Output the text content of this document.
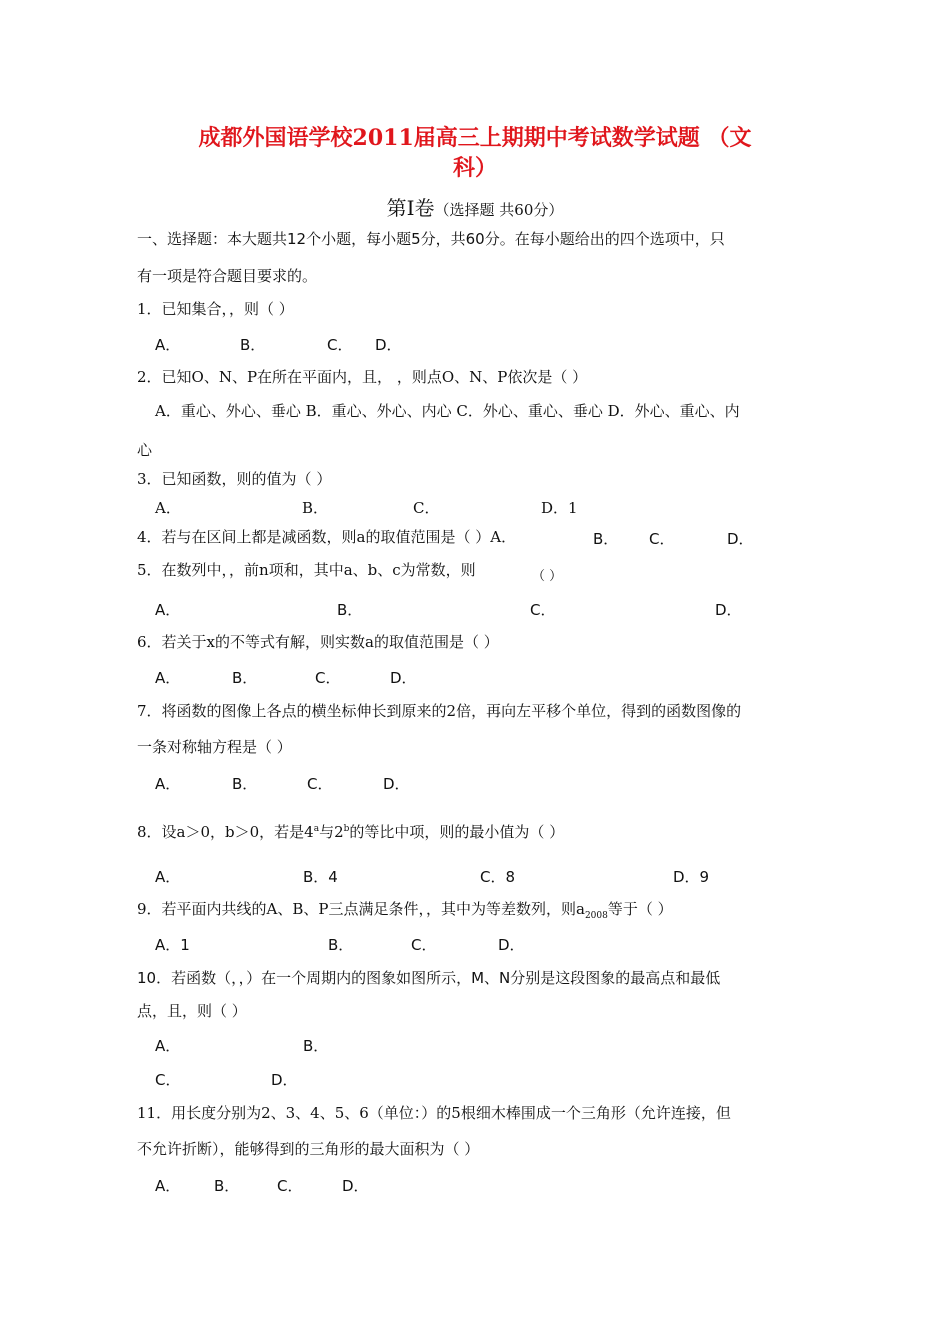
成都外国语学校2011届高三上期期中考试数学试题 （文
科）
第Ⅰ卷（选择题 共60分）
一、选择题：本大题共12个小题，每小题5分，共60分。在每小题给出的四个选项中，只
有一项是符合题目要求的。
1．已知集合，，则（ ）
A．	B．	C． D．
2．已知O、N、P在所在平面内，且， ，则点O、N、P依次是（ ）
A．重心、外心、垂心 B．重心、外心、内心 C．外心、重心、垂心 D．外心、重心、内
心
3．已知函数，则的值为（ ）
A．	B．	C．	D．1
4．若与在区间上都是减函数，则a的取值范围是（ ）A．	B． C．	D．
5．在数列中，，前n项和，其中a、b、c为常数，则	（ ）
A．	B．	C．	D．
6．若关于x的不等式有解，则实数a的取值范围是（ ）
A．	B．	C．	D．
7．将函数的图像上各点的横坐标伸长到原来的2倍，再向左平移个单位，得到的函数图像的
一条对称轴方程是（ ）
A．	B．	C．	D．
8．设a＞0，b＞0，若是4$^a$与2$^b$的等比中项，则的最小值为（ ）
A．	B．4	C．8	D．9
9．若平面内共线的A、B、P三点满足条件，，其中为等差数列，则$a_{2008}$等于（ ）
A．1	B．	C．	D．
10．若函数（，，）在一个周期内的图象如图所示，M、N分别是这段图象的最高点和最低
点，且，则（ ）
A．	B．
C．	D．
11．用长度分别为2、3、4、5、6（单位：）的5根细木棒围成一个三角形（允许连接，但
不允许折断），能够得到的三角形的最大面积为（ ）
A． B．	C．	D．
